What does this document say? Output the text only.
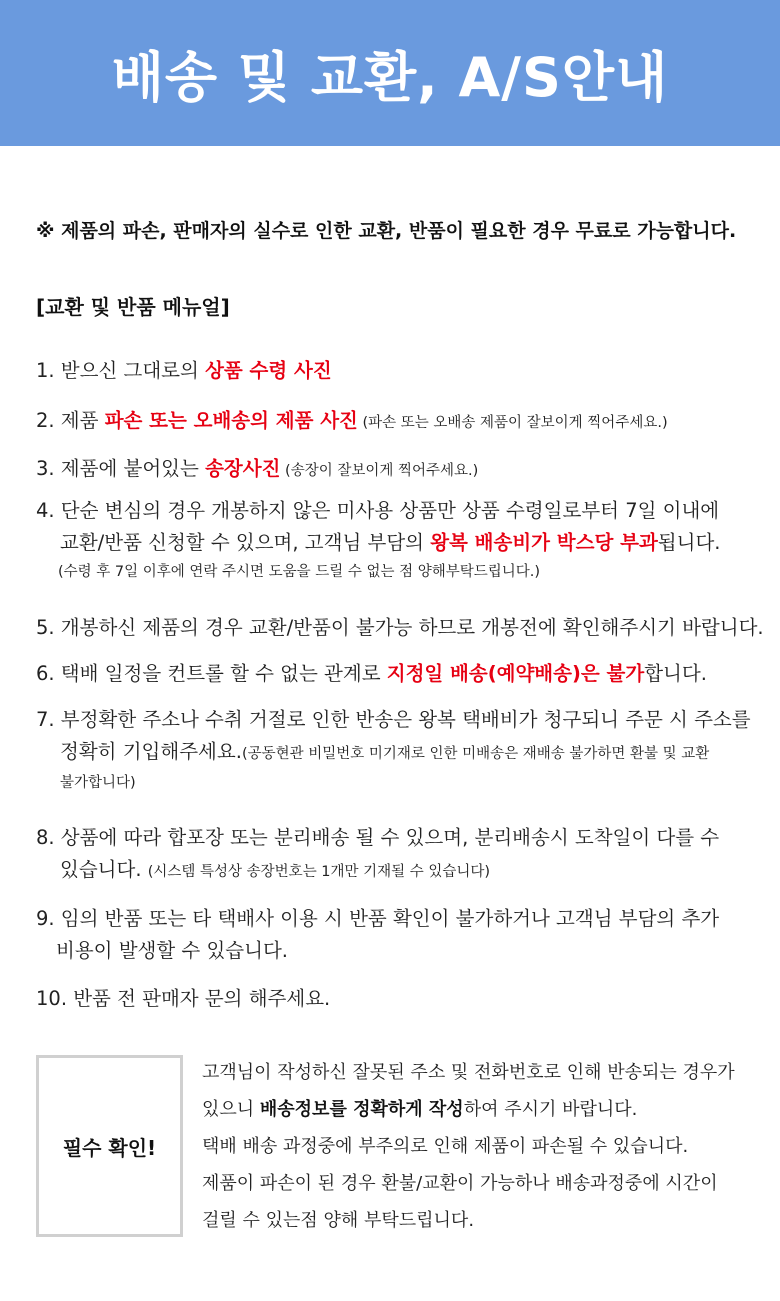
배송 및 교환, A/S안내
※ 제품의 파손, 판매자의 실수로 인한 교환, 반품이 필요한 경우 무료로 가능합니다.
[교환 및 반품 메뉴얼]
1. 받으신 그대로의 상품 수령 사진
2. 제품 파손 또는 오배송의 제품 사진 (파손 또는 오배송 제품이 잘보이게 찍어주세요.)
3. 제품에 붙어있는 송장사진 (송장이 잘보이게 찍어주세요.)
4. 단순 변심의 경우 개봉하지 않은 미사용 상품만 상품 수령일로부터 7일 이내에
교환/반품 신청할 수 있으며, 고객님 부담의 왕복 배송비가 박스당 부과됩니다.
(수령 후 7일 이후에 연락 주시면 도움을 드릴 수 없는 점 양해부탁드립니다.)
5. 개봉하신 제품의 경우 교환/반품이 불가능 하므로 개봉전에 확인해주시기 바랍니다.
6. 택배 일정을 컨트롤 할 수 없는 관계로 지정일 배송(예약배송)은 불가합니다.
7. 부정확한 주소나 수취 거절로 인한 반송은 왕복 택배비가 청구되니 주문 시 주소를
정확히 기입해주세요.(공동현관 비밀번호 미기재로 인한 미배송은 재배송 불가하면 환불 및 교환
불가합니다)
8. 상품에 따라 합포장 또는 분리배송 될 수 있으며, 분리배송시 도착일이 다를 수
있습니다. (시스템 특성상 송장번호는 1개만 기재될 수 있습니다)
9. 임의 반품 또는 타 택배사 이용 시 반품 확인이 불가하거나 고객님 부담의 추가
비용이 발생할 수 있습니다.
10. 반품 전 판매자 문의 해주세요.
필수 확인!
고객님이 작성하신 잘못된 주소 및 전화번호로 인해 반송되는 경우가
있으니 배송정보를 정확하게 작성하여 주시기 바랍니다.
택배 배송 과정중에 부주의로 인해 제품이 파손될 수 있습니다.
제품이 파손이 된 경우 환불/교환이 가능하나 배송과정중에 시간이
걸릴 수 있는점 양해 부탁드립니다.
